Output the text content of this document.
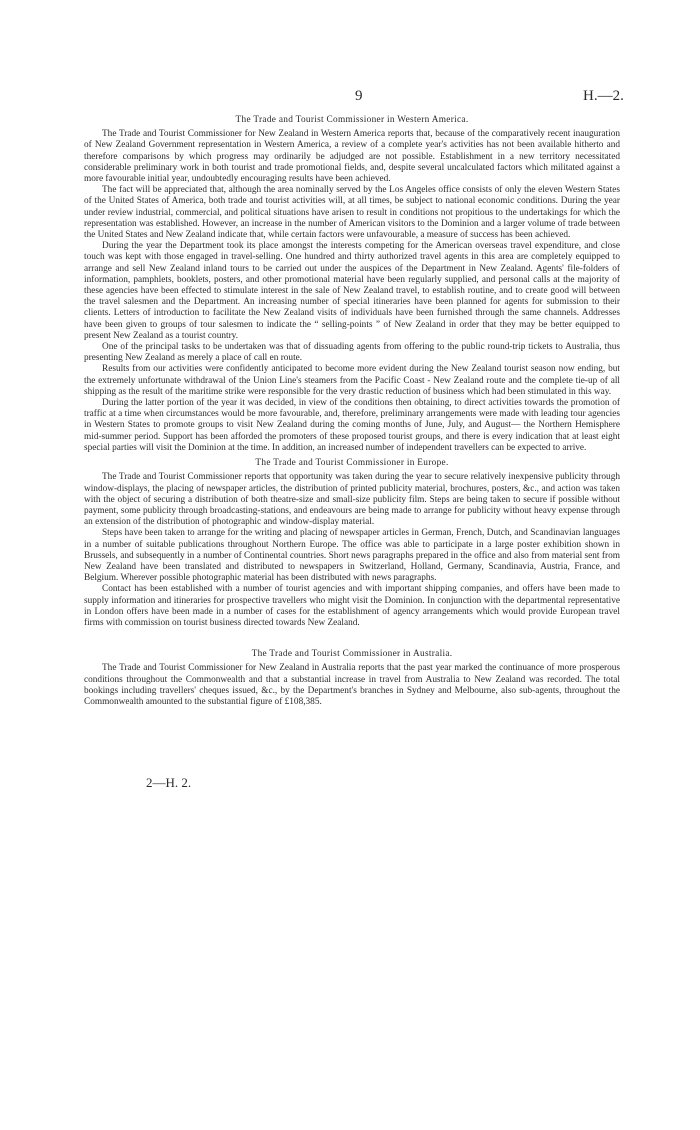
9	H.—2.
The Trade and Tourist Commissioner in Western America.

The Trade and Tourist Commissioner for New Zealand in Western America reports that, because of the comparatively recent inauguration of New Zealand Government representation in Western America, a review of a complete year's activities has not been available hitherto and therefore comparisons by which progress may ordinarily be adjudged are not possible. Establishment in a new territory necessitated considerable preliminary work in both tourist and trade promotional fields, and, despite several uncalculated factors which militated against a more favourable initial year, undoubtedly encouraging results have been achieved.

The fact will be appreciated that, although the area nominally served by the Los Angeles office consists of only the eleven Western States of the United States of America, both trade and tourist activities will, at all times, be subject to national economic conditions. During the year under review industrial, commercial, and political situations have arisen to result in conditions not propitious to the undertakings for which the representation was established. However, an increase in the number of American visitors to the Dominion and a larger volume of trade between the United States and New Zealand indicate that, while certain factors were unfavourable, a measure of success has been achieved.

During the year the Department took its place amongst the interests competing for the American overseas travel expenditure, and close touch was kept with those engaged in travel-selling. One hundred and thirty authorized travel agents in this area are completely equipped to arrange and sell New Zealand inland tours to be carried out under the auspices of the Department in New Zealand. Agents' file-folders of information, pamphlets, booklets, posters, and other promotional material have been regularly supplied, and personal calls at the majority of these agencies have been effected to stimulate interest in the sale of New Zealand travel, to establish routine, and to create good will between the travel salesmen and the Department. An increasing number of special itineraries have been planned for agents for submission to their clients. Letters of introduction to facilitate the New Zealand visits of individuals have been furnished through the same channels. Addresses have been given to groups of tour salesmen to indicate the “ selling-points ” of New Zealand in order that they may be better equipped to present New Zealand as a tourist country.

One of the principal tasks to be undertaken was that of dissuading agents from offering to the public round-trip tickets to Australia, thus presenting New Zealand as merely a place of call en route.

Results from our activities were confidently anticipated to become more evident during the New Zealand tourist season now ending, but the extremely unfortunate withdrawal of the Union Line's steamers from the Pacific Coast - New Zealand route and the complete tie-up of all shipping as the result of the maritime strike were responsible for the very drastic reduction of business which had been stimulated in this way.

During the latter portion of the year it was decided, in view of the conditions then obtaining, to direct activities towards the promotion of traffic at a time when circumstances would be more favourable, and, therefore, preliminary arrangements were made with leading tour agencies in Western States to promote groups to visit New Zealand during the coming months of June, July, and August— the Northern Hemisphere mid-summer period. Support has been afforded the promoters of these proposed tourist groups, and there is every indication that at least eight special parties will visit the Dominion at the time. In addition, an increased number of independent travellers can be expected to arrive.

The Trade and Tourist Commissioner in Europe.

The Trade and Tourist Commissioner reports that opportunity was taken during the year to secure relatively inexpensive publicity through window-displays, the placing of newspaper articles, the distribution of printed publicity material, brochures, posters, &c., and action was taken with the object of securing a distribution of both theatre-size and small-size publicity film. Steps are being taken to secure if possible without payment, some publicity through broadcasting-stations, and endeavours are being made to arrange for publicity without heavy expense through an extension of the distribution of photographic and window-display material.

Steps have been taken to arrange for the writing and placing of newspaper articles in German, French, Dutch, and Scandinavian languages in a number of suitable publications throughout Northern Europe. The office was able to participate in a large poster exhibition shown in Brussels, and subsequently in a number of Continental countries. Short news paragraphs prepared in the office and also from material sent from New Zealand have been translated and distributed to newspapers in Switzerland, Holland, Germany, Scandinavia, Austria, France, and Belgium. Wherever possible photographic material has been distributed with news paragraphs.

Contact has been established with a number of tourist agencies and with important shipping companies, and offers have been made to supply information and itineraries for prospective travellers who might visit the Dominion. In conjunction with the departmental representative in London offers have been made in a number of cases for the establishment of agency arrangements which would provide European travel firms with commission on tourist business directed towards New Zealand.

The Trade and Tourist Commissioner in Australia.

The Trade and Tourist Commissioner for New Zealand in Australia reports that the past year marked the continuance of more prosperous conditions throughout the Commonwealth and that a substantial increase in travel from Australia to New Zealand was recorded. The total bookings including travellers' cheques issued, &c., by the Department's branches in Sydney and Melbourne, also sub-agents, throughout the Commonwealth amounted to the substantial figure of £108,385.

2—H. 2.
